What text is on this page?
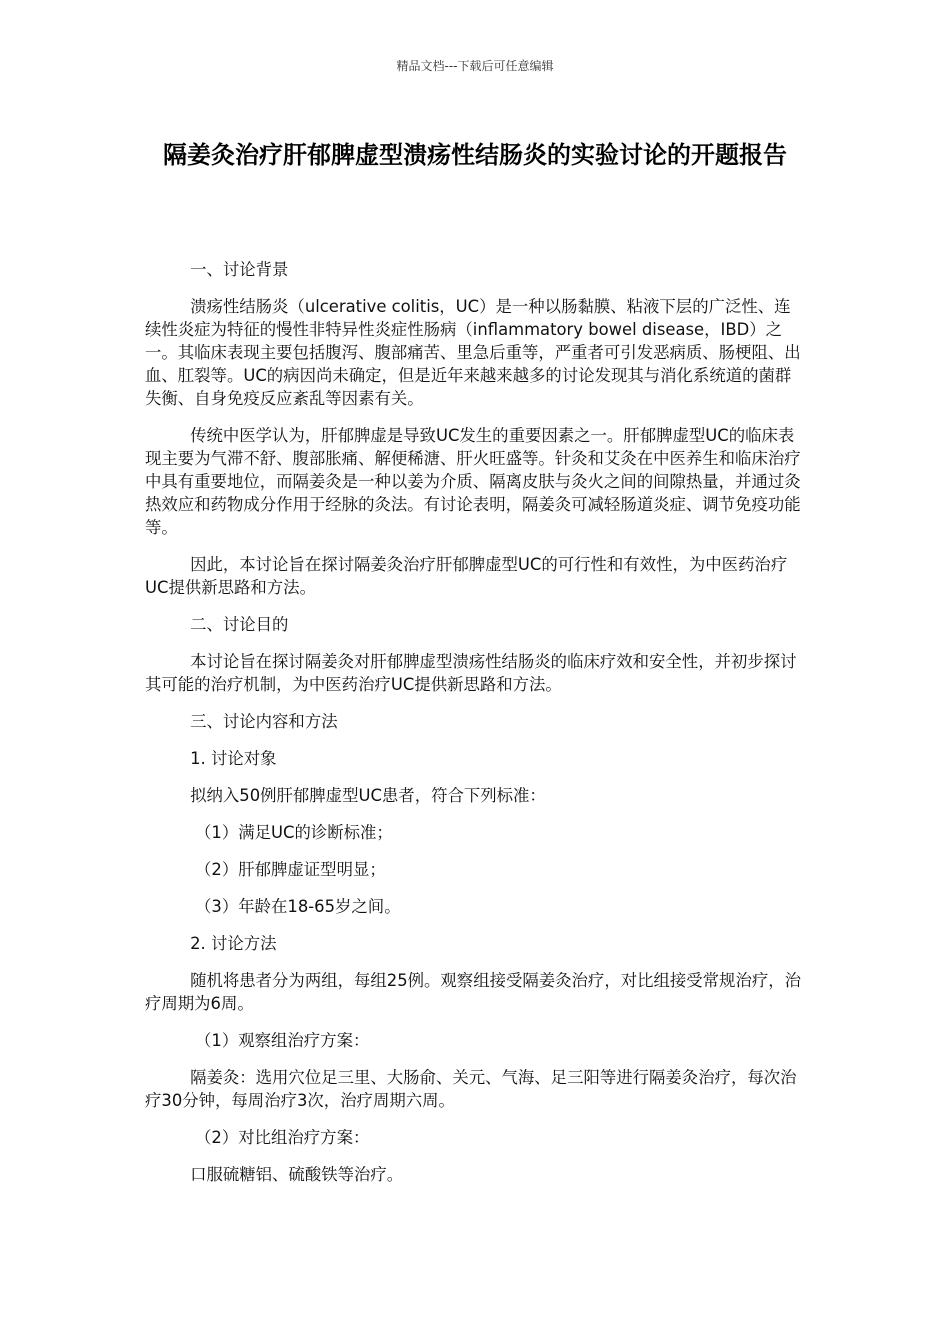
精品文档---下载后可任意编辑
隔姜灸治疗肝郁脾虚型溃疡性结肠炎的实验讨论的开题报告

一、讨论背景

溃疡性结肠炎（ulcerative colitis，UC）是一种以肠黏膜、粘液下层的广泛性、连续性炎症为特征的慢性非特异性炎症性肠病（inflammatory bowel disease，IBD）之一。其临床表现主要包括腹泻、腹部痛苦、里急后重等，严重者可引发恶病质、肠梗阻、出血、肛裂等。UC的病因尚未确定，但是近年来越来越多的讨论发现其与消化系统道的菌群失衡、自身免疫反应紊乱等因素有关。

传统中医学认为，肝郁脾虚是导致UC发生的重要因素之一。肝郁脾虚型UC的临床表现主要为气滞不舒、腹部胀痛、解便稀溏、肝火旺盛等。针灸和艾灸在中医养生和临床治疗中具有重要地位，而隔姜灸是一种以姜为介质、隔离皮肤与灸火之间的间隙热量，并通过灸热效应和药物成分作用于经脉的灸法。有讨论表明，隔姜灸可减轻肠道炎症、调节免疫功能等。

因此，本讨论旨在探讨隔姜灸治疗肝郁脾虚型UC的可行性和有效性，为中医药治疗UC提供新思路和方法。

二、讨论目的

本讨论旨在探讨隔姜灸对肝郁脾虚型溃疡性结肠炎的临床疗效和安全性，并初步探讨其可能的治疗机制，为中医药治疗UC提供新思路和方法。

三、讨论内容和方法

1. 讨论对象

拟纳入50例肝郁脾虚型UC患者，符合下列标准：

（1）满足UC的诊断标准；

（2）肝郁脾虚证型明显；

（3）年龄在18-65岁之间。

2. 讨论方法

随机将患者分为两组，每组25例。观察组接受隔姜灸治疗，对比组接受常规治疗，治疗周期为6周。

（1）观察组治疗方案：

隔姜灸：选用穴位足三里、大肠俞、关元、气海、足三阳等进行隔姜灸治疗，每次治疗30分钟，每周治疗3次，治疗周期六周。

（2）对比组治疗方案：

口服硫糖铝、硫酸铁等治疗。
